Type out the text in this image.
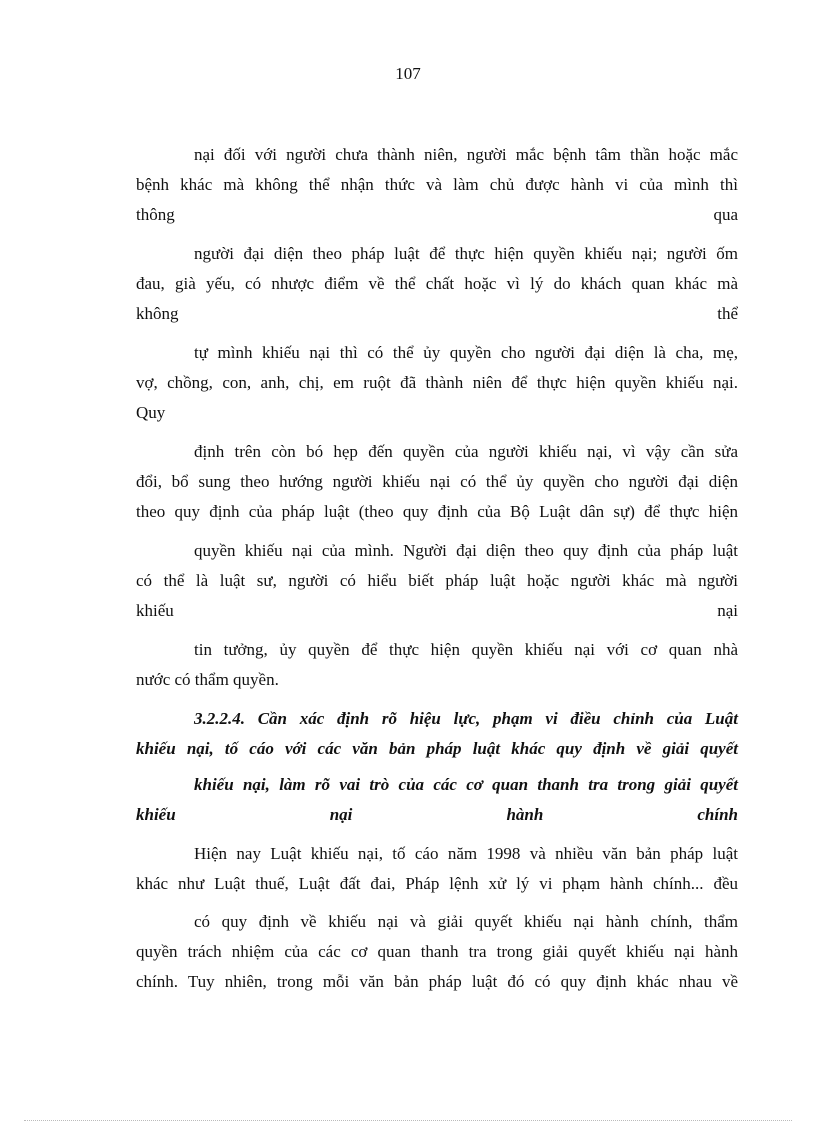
107
nại đối với người chưa thành niên, người mắc bệnh tâm thần hoặc mắc
bệnh khác mà không thể nhận thức và làm chủ được hành vi của mình thì
thông qua
người đại diện theo pháp luật để thực hiện quyền khiếu nại; người ốm
đau, già yếu, có nhược điểm về thể chất hoặc vì lý do khách quan khác mà
không thể
tự mình khiếu nại thì có thể ủy quyền cho người đại diện là cha, mẹ,
vợ, chồng, con, anh, chị, em ruột đã thành niên để thực hiện quyền khiếu nại.
Quy
định trên còn bó hẹp đến quyền của người khiếu nại, vì vậy cần sửa
đổi, bổ sung theo hướng người khiếu nại có thể ủy quyền cho người đại diện
theo quy định của pháp luật (theo quy định của Bộ Luật dân sự) để thực hiện
quyền khiếu nại của mình. Người đại diện theo quy định của pháp luật
có thể là luật sư, người có hiểu biết pháp luật hoặc người khác mà người
khiếu nại
tin tưởng, ủy quyền để thực hiện quyền khiếu nại với cơ quan nhà
nước có thẩm quyền.
3.2.2.4. Cần xác định rõ hiệu lực, phạm vi điều chỉnh của Luật
khiếu nại, tố cáo với các văn bản pháp luật khác quy định về giải quyết
khiếu nại, làm rõ vai trò của các cơ quan thanh tra trong giải quyết
khiếu nại hành chính
Hiện nay Luật khiếu nại, tố cáo năm 1998 và nhiều văn bản pháp luật
khác như Luật thuế, Luật đất đai, Pháp lệnh xử lý vi phạm hành chính... đều
có quy định về khiếu nại và giải quyết khiếu nại hành chính, thẩm
quyền trách nhiệm của các cơ quan thanh tra trong giải quyết khiếu nại hành
chính. Tuy nhiên, trong mỗi văn bản pháp luật đó có quy định khác nhau về
